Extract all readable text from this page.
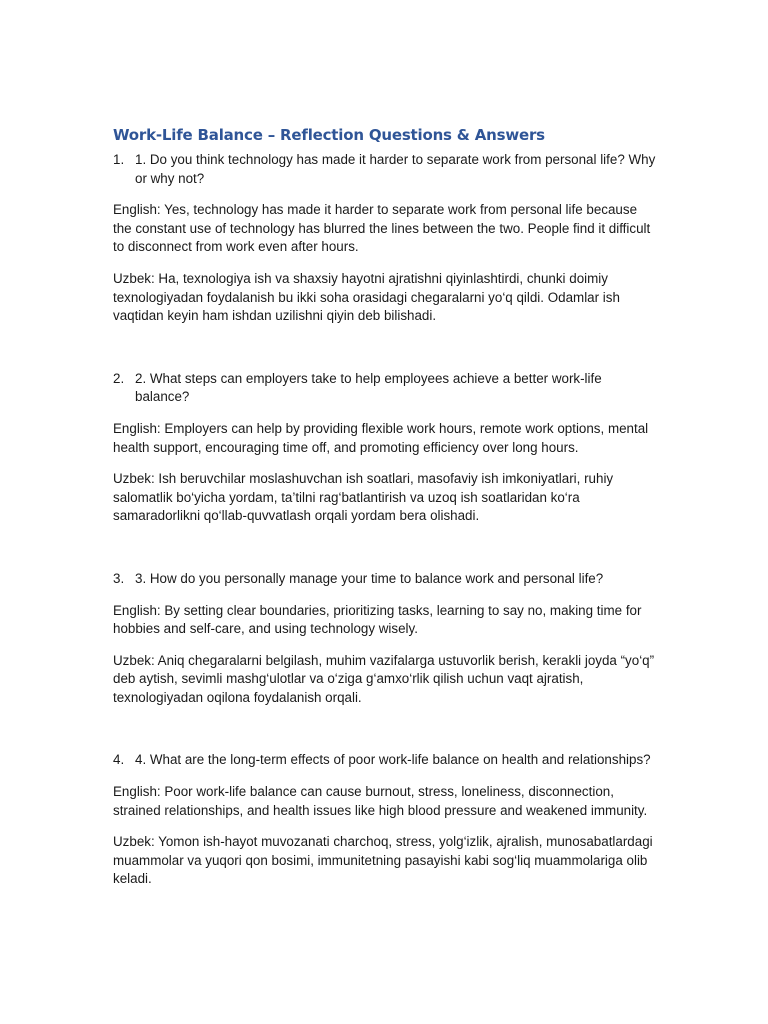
Work-Life Balance – Reflection Questions & Answers
1. 1. Do you think technology has made it harder to separate work from personal life? Why or why not?

English: Yes, technology has made it harder to separate work from personal life because the constant use of technology has blurred the lines between the two. People find it difficult to disconnect from work even after hours.

Uzbek: Ha, texnologiya ish va shaxsiy hayotni ajratishni qiyinlashtirdi, chunki doimiy texnologiyadan foydalanish bu ikki soha orasidagi chegaralarni yo‘q qildi. Odamlar ish vaqtidan keyin ham ishdan uzilishni qiyin deb bilishadi.

2. 2. What steps can employers take to help employees achieve a better work-life balance?

English: Employers can help by providing flexible work hours, remote work options, mental health support, encouraging time off, and promoting efficiency over long hours.

Uzbek: Ish beruvchilar moslashuvchan ish soatlari, masofaviy ish imkoniyatlari, ruhiy salomatlik bo‘yicha yordam, ta’tilni rag‘batlantirish va uzoq ish soatlaridan ko‘ra samaradorlikni qo‘llab-quvvatlash orqali yordam bera olishadi.

3. 3. How do you personally manage your time to balance work and personal life?

English: By setting clear boundaries, prioritizing tasks, learning to say no, making time for hobbies and self-care, and using technology wisely.

Uzbek: Aniq chegaralarni belgilash, muhim vazifalarga ustuvorlik berish, kerakli joyda “yo‘q” deb aytish, sevimli mashg‘ulotlar va o‘ziga g‘amxo‘rlik qilish uchun vaqt ajratish, texnologiyadan oqilona foydalanish orqali.

4. 4. What are the long-term effects of poor work-life balance on health and relationships?

English: Poor work-life balance can cause burnout, stress, loneliness, disconnection, strained relationships, and health issues like high blood pressure and weakened immunity.

Uzbek: Yomon ish-hayot muvozanati charchoq, stress, yolg‘izlik, ajralish, munosabatlardagi muammolar va yuqori qon bosimi, immunitetning pasayishi kabi sog‘liq muammolariga olib keladi.
